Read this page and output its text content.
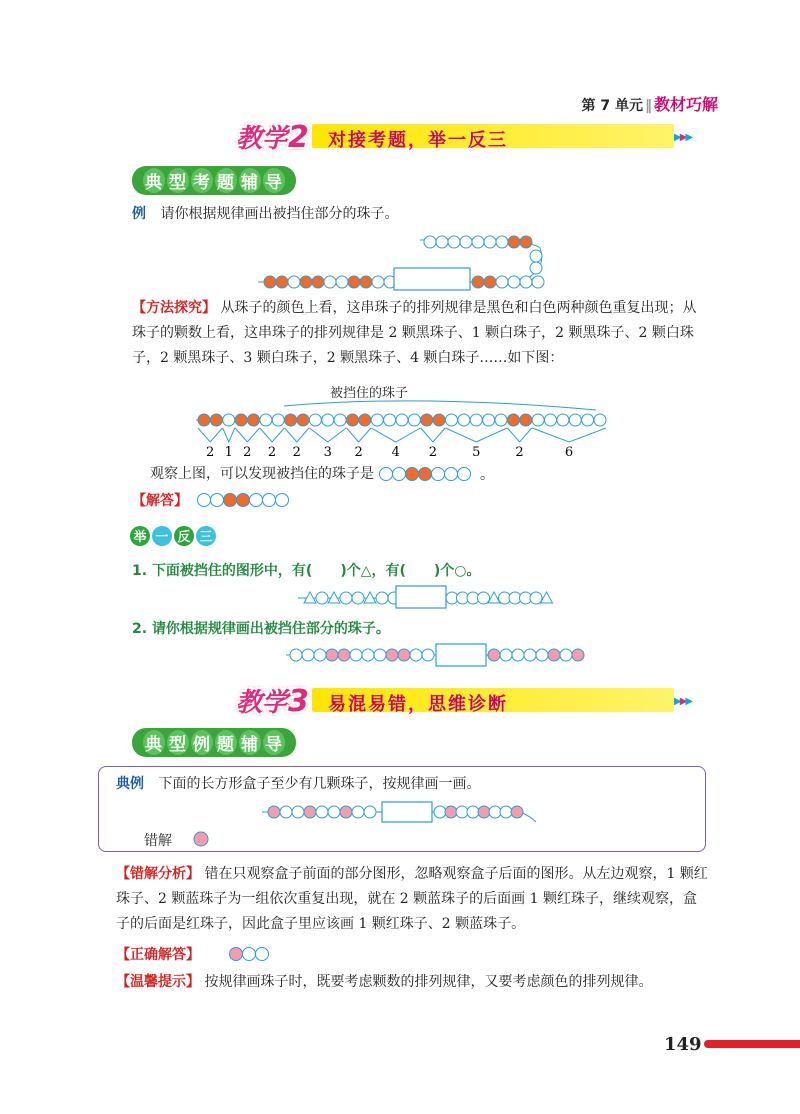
第 7 单元 ‖ 教材巧解
教学2 对接考题，举一反三	▶▶▶
典 型 考 题 辅 导
例 请你根据规律画出被挡住部分的珠子。
【方法探究】 从珠子的颜色上看，这串珠子的排列规律是黑色和白色两种颜色重复出现；从珠子的颗数上看，这串珠子的排列规律是 2 颗黑珠子、1 颗白珠子，2 颗黑珠子、2 颗白珠子，2 颗黑珠子、3 颗白珠子，2 颗黑珠子、4 颗白珠子……如下图：
被挡住的珠子
2 1 2 2 2 3 2 4 2	5	2	6
观察上图，可以发现被挡住的珠子是	。
【解答】
举 一 反 三
1. 下面被挡住的图形中，有(　　)个△，有(　　)个○。
2. 请你根据规律画出被挡住部分的珠子。
教学3 易混易错，思维诊断	▶▶▶
典 型 例 题 辅 导
典例 下面的长方形盒子至少有几颗珠子，按规律画一画。
错解
【错解分析】 错在只观察盒子前面的部分图形，忽略观察盒子后面的图形。从左边观察，1 颗红珠子、2 颗蓝珠子为一组依次重复出现，就在 2 颗蓝珠子的后面画 1 颗红珠子，继续观察，盒子的后面是红珠子，因此盒子里应该画 1 颗红珠子、2 颗蓝珠子。
【正确解答】
【温馨提示】 按规律画珠子时，既要考虑颗数的排列规律，又要考虑颜色的排列规律。
149
